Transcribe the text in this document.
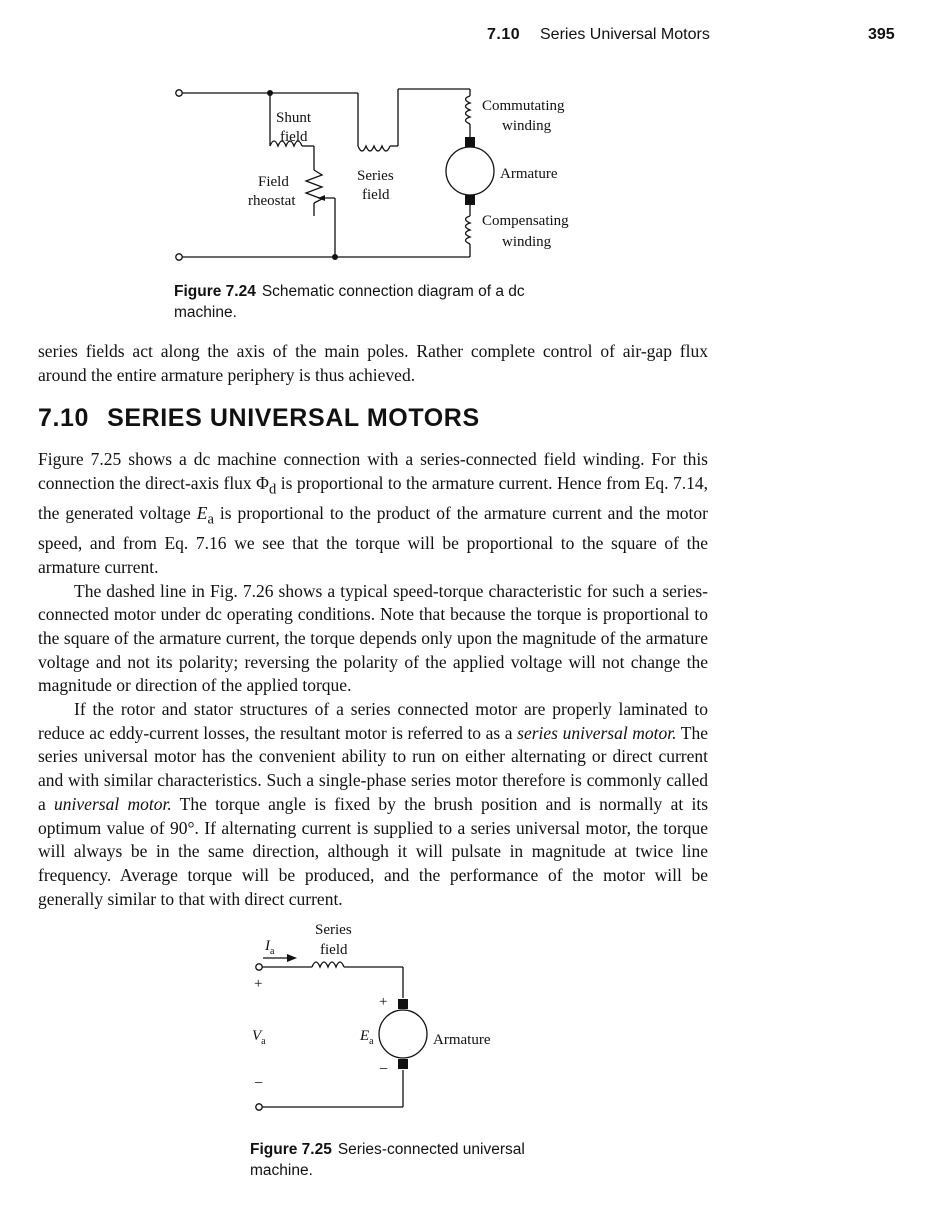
7.10 Series Universal Motors	395
Shunt
field
Field
rheostat
Series
field
Commutating
winding
Armature
Compensating
winding
Figure 7.24 Schematic connection diagram of a dc machine.
series fields act along the axis of the main poles. Rather complete control of air-gap flux around the entire armature periphery is thus achieved.
7.10 SERIES UNIVERSAL MOTORS

Figure 7.25 shows a dc machine connection with a series-connected field winding. For this connection the direct-axis flux $\Phi_d$ is proportional to the armature current. Hence from Eq. 7.14, the generated voltage $E_a$ is proportional to the product of the armature current and the motor speed, and from Eq. 7.16 we see that the torque will be proportional to the square of the armature current.

The dashed line in Fig. 7.26 shows a typical speed-torque characteristic for such a series-connected motor under dc operating conditions. Note that because the torque is proportional to the square of the armature current, the torque depends only upon the magnitude of the armature voltage and not its polarity; reversing the polarity of the applied voltage will not change the magnitude or direction of the applied torque.

If the rotor and stator structures of a series connected motor are properly laminated to reduce ac eddy-current losses, the resultant motor is referred to as a series universal motor. The series universal motor has the convenient ability to run on either alternating or direct current and with similar characteristics. Such a single-phase series motor therefore is commonly called a universal motor. The torque angle is fixed by the brush position and is normally at its optimum value of 90°. If alternating current is supplied to a series universal motor, the torque will always be in the same direction, although it will pulsate in magnitude at twice line frequency. Average torque will be produced, and the performance of the motor will be generally similar to that with direct current.

Series
field
$I_a$
+
$V_a$
−
+
$E_a$	Armature
−
Figure 7.25 Series-connected universal machine.
